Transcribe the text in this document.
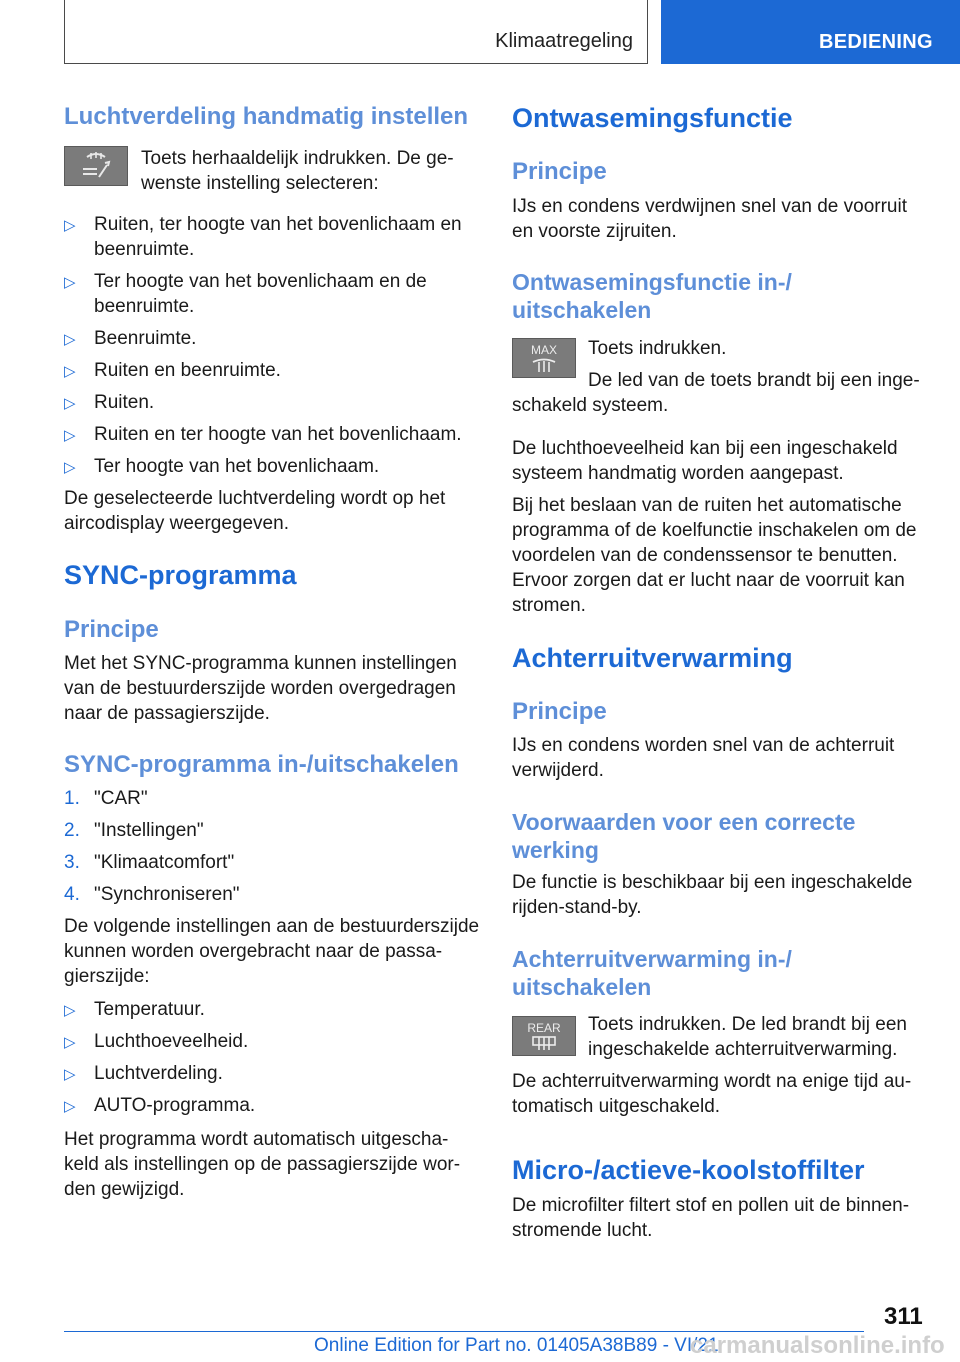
Klimaatregeling	BEDIENING
Luchtverdeling handmatig instellen
Toets herhaaldelijk indrukken. De ge-
wenste instelling selecteren:
▷ Ruiten, ter hoogte van het bovenlichaam en
beenruimte.
▷ Ter hoogte van het bovenlichaam en de
beenruimte.
▷ Beenruimte.
▷ Ruiten en beenruimte.
▷ Ruiten.
▷ Ruiten en ter hoogte van het bovenlichaam.
▷ Ter hoogte van het bovenlichaam.
De geselecteerde luchtverdeling wordt op het
aircodisplay weergegeven.
SYNC-programma
Principe
Met het SYNC-programma kunnen instellingen
van de bestuurderszijde worden overgedragen
naar de passagierszijde.
SYNC-programma in-/uitschakelen
1. "CAR"
2. "Instellingen"
3. "Klimaatcomfort"
4. "Synchroniseren"
De volgende instellingen aan de bestuurderszijde
kunnen worden overgebracht naar de passa-
gierszijde:
▷ Temperatuur.
▷ Luchthoeveelheid.
▷ Luchtverdeling.
▷ AUTO-programma.
Het programma wordt automatisch uitgescha-
keld als instellingen op de passagierszijde wor-
den gewijzigd.
Ontwasemingsfunctie
Principe
IJs en condens verdwijnen snel van de voorruit
en voorste zijruiten.
Ontwasemingsfunctie in-/
uitschakelen
MAX Toets indrukken.
De led van de toets brandt bij een inge-
schakeld systeem.
De luchthoeveelheid kan bij een ingeschakeld
systeem handmatig worden aangepast.
Bij het beslaan van de ruiten het automatische
programma of de koelfunctie inschakelen om de
voordelen van de condenssensor te benutten.
Ervoor zorgen dat er lucht naar de voorruit kan
stromen.
Achterruitverwarming
Principe
IJs en condens worden snel van de achterruit
verwijderd.
Voorwaarden voor een correcte
werking
De functie is beschikbaar bij een ingeschakelde
rijden-stand-by.
Achterruitverwarming in-/
uitschakelen
REAR Toets indrukken. De led brandt bij een
ingeschakelde achterruitverwarming.
De achterruitverwarming wordt na enige tijd au-
tomatisch uitgeschakeld.
Micro-/actieve-koolstoffilter
De microfilter filtert stof en pollen uit de binnen-
stromende lucht.
311
Online Edition for Part no. 01405A38B89 - VI/21
carmanualsonline.info
